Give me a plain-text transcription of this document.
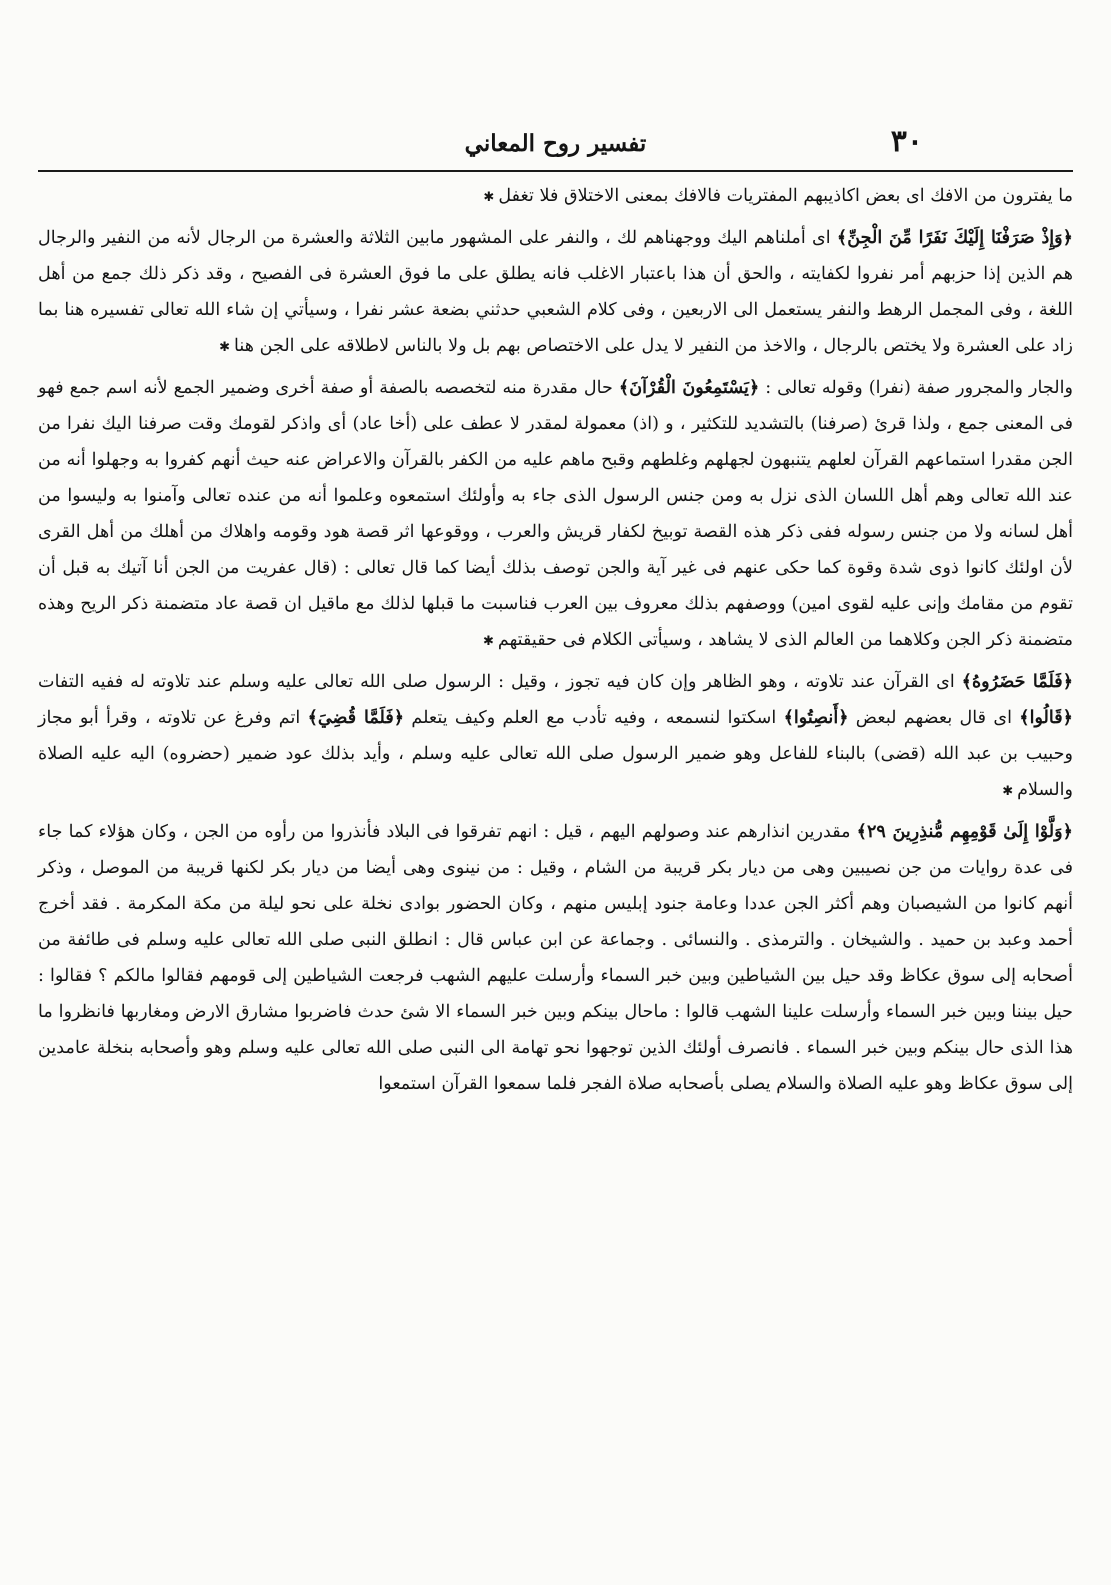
٣٠
تفسير روح المعاني

ما يفترون من الافك اى بعض اكاذيبهم المفتريات فالافك بمعنى الاختلاق فلا تغفل✱

﴿وَإِذْ صَرَفْنَا إِلَيْكَ نَفَرًا مِّنَ الْجِنِّ﴾ اى أملناهم اليك ووجهناهم لك ، والنفر على المشهور مابين الثلاثة والعشرة من الرجال لأنه من النفير والرجال هم الذين إذا حزبهم أمر نفروا لكفايته ، والحق أن هذا باعتبار الاغلب فانه يطلق على ما فوق العشرة فى الفصيح ، وقد ذكر ذلك جمع من أهل اللغة ، وفى المجمل الرهط والنفر يستعمل الى الاربعين ، وفى كلام الشعبي حدثني بضعة عشر نفرا ، وسيأتي إن شاء الله تعالى تفسيره هنا بما زاد على العشرة ولا يختص بالرجال ، والاخذ من النفير لا يدل على الاختصاص بهم بل ولا بالناس لاطلاقه على الجن هنا✱

والجار والمجرور صفة (نفرا) وقوله تعالى : ﴿يَسْتَمِعُونَ الْقُرْآنَ﴾ حال مقدرة منه لتخصصه بالصفة أو صفة أخرى وضمير الجمع لأنه اسم جمع فهو فى المعنى جمع ، ولذا قرئ (صرفنا) بالتشديد للتكثير ، و (اذ) معمولة لمقدر لا عطف على (أخا عاد) أى واذكر لقومك وقت صرفنا اليك نفرا من الجن مقدرا استماعهم القرآن لعلهم يتنبهون لجهلهم وغلطهم وقبح ماهم عليه من الكفر بالقرآن والاعراض عنه حيث أنهم كفروا به وجهلوا أنه من عند الله تعالى وهم أهل اللسان الذى نزل به ومن جنس الرسول الذى جاء به وأولئك استمعوه وعلموا أنه من عنده تعالى وآمنوا به وليسوا من أهل لسانه ولا من جنس رسوله ففى ذكر هذه القصة توبيخ لكفار قريش والعرب ، ووقوعها اثر قصة هود وقومه واهلاك من أهلك من أهل القرى لأن اولئك كانوا ذوى شدة وقوة كما حكى عنهم فى غير آية والجن توصف بذلك أيضا كما قال تعالى : (قال عفريت من الجن أنا آتيك به قبل أن تقوم من مقامك وإنى عليه لقوى امين) ووصفهم بذلك معروف بين العرب فناسبت ما قبلها لذلك مع ماقيل ان قصة عاد متضمنة ذكر الريح وهذه متضمنة ذكر الجن وكلاهما من العالم الذى لا يشاهد ، وسيأتى الكلام فى حقيقتهم✱

﴿فَلَمَّا حَضَرُوهُ﴾ اى القرآن عند تلاوته ، وهو الظاهر وإن كان فيه تجوز ، وقيل : الرسول صلى الله تعالى عليه وسلم عند تلاوته له ففيه التفات ﴿قَالُوا﴾ اى قال بعضهم لبعض ﴿أَنصِتُوا﴾ اسكتوا لنسمعه ، وفيه تأدب مع العلم وكيف يتعلم ﴿فَلَمَّا قُضِيَ﴾ اتم وفرغ عن تلاوته ، وقرأ أبو مجاز وحبيب بن عبد الله (قضى) بالبناء للفاعل وهو ضمير الرسول صلى الله تعالى عليه وسلم ، وأيد بذلك عود ضمير (حضروه) اليه عليه الصلاة والسلام✱

﴿وَلَّوْا إِلَىٰ قَوْمِهِم مُّنذِرِينَ ٢٩﴾ مقدرين انذارهم عند وصولهم اليهم ، قيل : انهم تفرقوا فى البلاد فأنذروا من رأوه من الجن ، وكان هؤلاء كما جاء فى عدة روايات من جن نصيبين وهى من ديار بكر قريبة من الشام ، وقيل : من نينوى وهى أيضا من ديار بكر لكنها قريبة من الموصل ، وذكر أنهم كانوا من الشيصبان وهم أكثر الجن عددا وعامة جنود إبليس منهم ، وكان الحضور بوادى نخلة على نحو ليلة من مكة المكرمة . فقد أخرج أحمد وعبد بن حميد . والشيخان . والترمذى . والنسائى . وجماعة عن ابن عباس قال : انطلق النبى صلى الله تعالى عليه وسلم فى طائفة من أصحابه إلى سوق عكاظ وقد حيل بين الشياطين وبين خبر السماء وأرسلت عليهم الشهب فرجعت الشياطين إلى قومهم فقالوا مالكم ؟ فقالوا : حيل بيننا وبين خبر السماء وأرسلت علينا الشهب قالوا : ماحال بينكم وبين خبر السماء الا شئ حدث فاضربوا مشارق الارض ومغاربها فانظروا ما هذا الذى حال بينكم وبين خبر السماء . فانصرف أولئك الذين توجهوا نحو تهامة الى النبى صلى الله تعالى عليه وسلم وهو وأصحابه بنخلة عامدين إلى سوق عكاظ وهو عليه الصلاة والسلام يصلى بأصحابه صلاة الفجر فلما سمعوا القرآن استمعوا
